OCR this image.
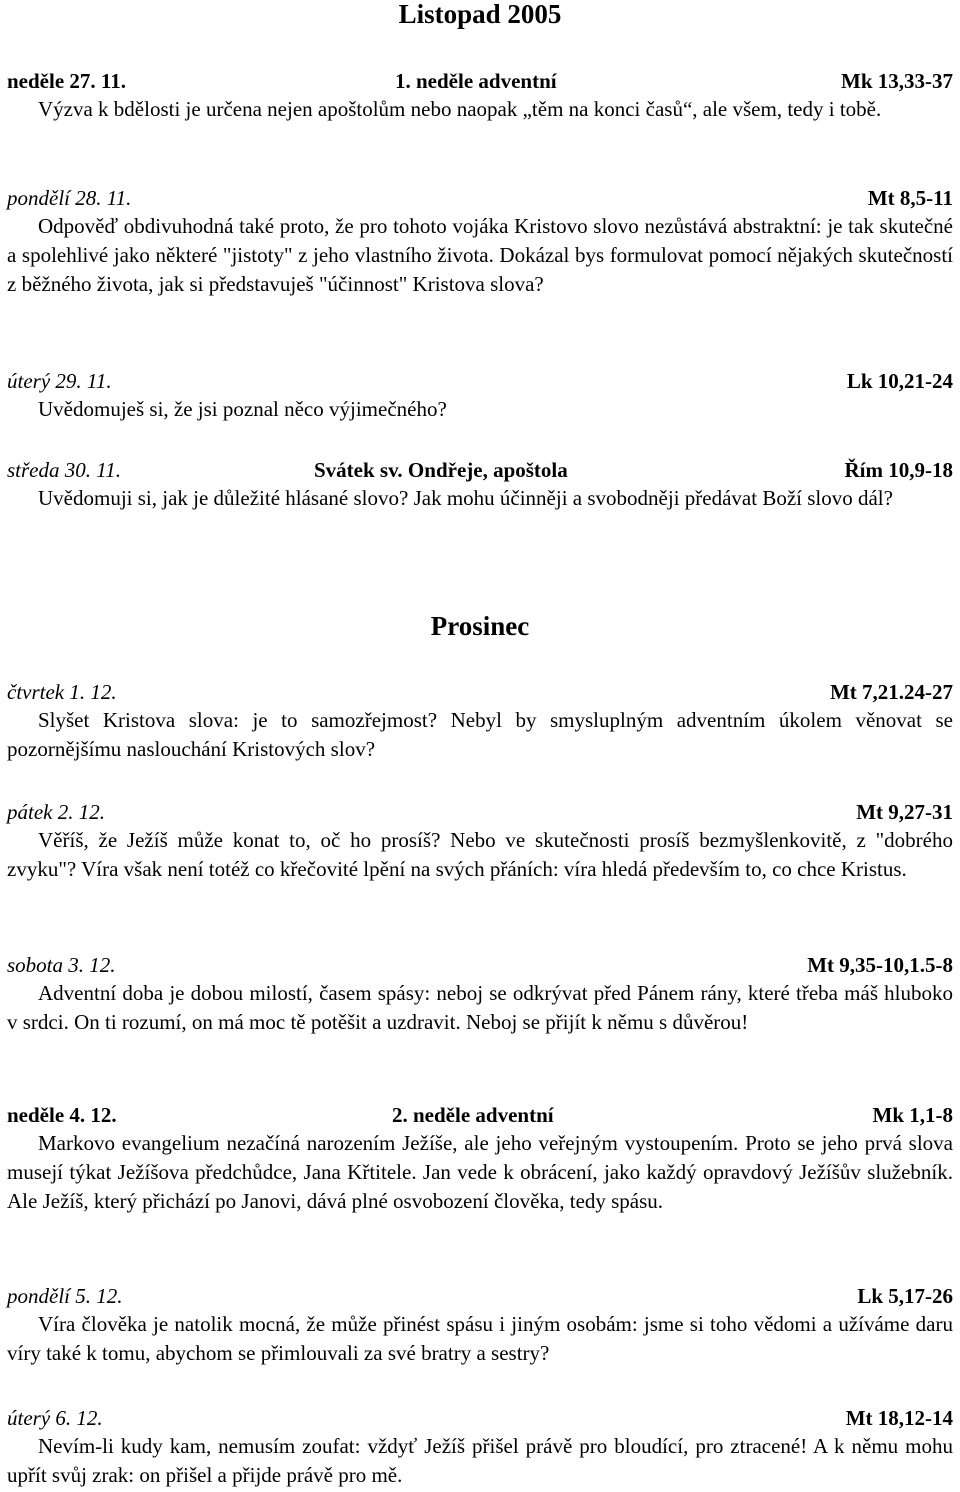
Listopad 2005
neděle 27. 11.	1. neděle adventní	Mk 13,33-37

Výzva k bdělosti je určena nejen apoštolům nebo naopak „těm na konci časů“, ale všem, tedy i tobě.

pondělí 28. 11.	Mt 8,5-11

Odpověď obdivuhodná také proto, že pro tohoto vojáka Kristovo slovo nezůstává abstraktní: je tak skutečné a spolehlivé jako některé "jistoty" z jeho vlastního života. Dokázal bys formulovat pomocí nějakých skutečností z běžného života, jak si představuješ "účinnost" Kristova slova?

úterý 29. 11.	Lk 10,21-24

Uvědomuješ si, že jsi poznal něco výjimečného?

středa 30. 11.	Svátek sv. Ondřeje, apoštola	Řím 10,9-18

Uvědomuji si, jak je důležité hlásané slovo? Jak mohu účinněji a svobodněji předávat Boží slovo dál?

Prosinec
čtvrtek 1. 12.	Mt 7,21.24-27

Slyšet Kristova slova: je to samozřejmost? Nebyl by smysluplným adventním úkolem věnovat se pozornějšímu naslouchání Kristových slov?

pátek 2. 12.	Mt 9,27-31

Věříš, že Ježíš může konat to, oč ho prosíš? Nebo ve skutečnosti prosíš bezmyšlenkovitě, z "dobrého zvyku"? Víra však není totéž co křečovité lpění na svých přáních: víra hledá především to, co chce Kristus.

sobota 3. 12.	Mt 9,35-10,1.5-8

Adventní doba je dobou milostí, časem spásy: neboj se odkrývat před Pánem rány, které třeba máš hluboko v srdci. On ti rozumí, on má moc tě potěšit a uzdravit. Neboj se přijít k němu s důvěrou!

neděle 4. 12.	2. neděle adventní	Mk 1,1-8

Markovo evangelium nezačíná narozením Ježíše, ale jeho veřejným vystoupením. Proto se jeho prvá slova musejí týkat Ježíšova předchůdce, Jana Křtitele. Jan vede k obrácení, jako každý opravdový Ježíšův služebník. Ale Ježíš, který přichází po Janovi, dává plné osvobození člověka, tedy spásu.

pondělí 5. 12.	Lk 5,17-26

Víra člověka je natolik mocná, že může přinést spásu i jiným osobám: jsme si toho vědomi a užíváme daru víry také k tomu, abychom se přimlouvali za své bratry a sestry?

úterý 6. 12.	Mt 18,12-14

Nevím-li kudy kam, nemusím zoufat: vždyť Ježíš přišel právě pro bloudící, pro ztracené! A k němu mohu upřít svůj zrak: on přišel a přijde právě pro mě.
